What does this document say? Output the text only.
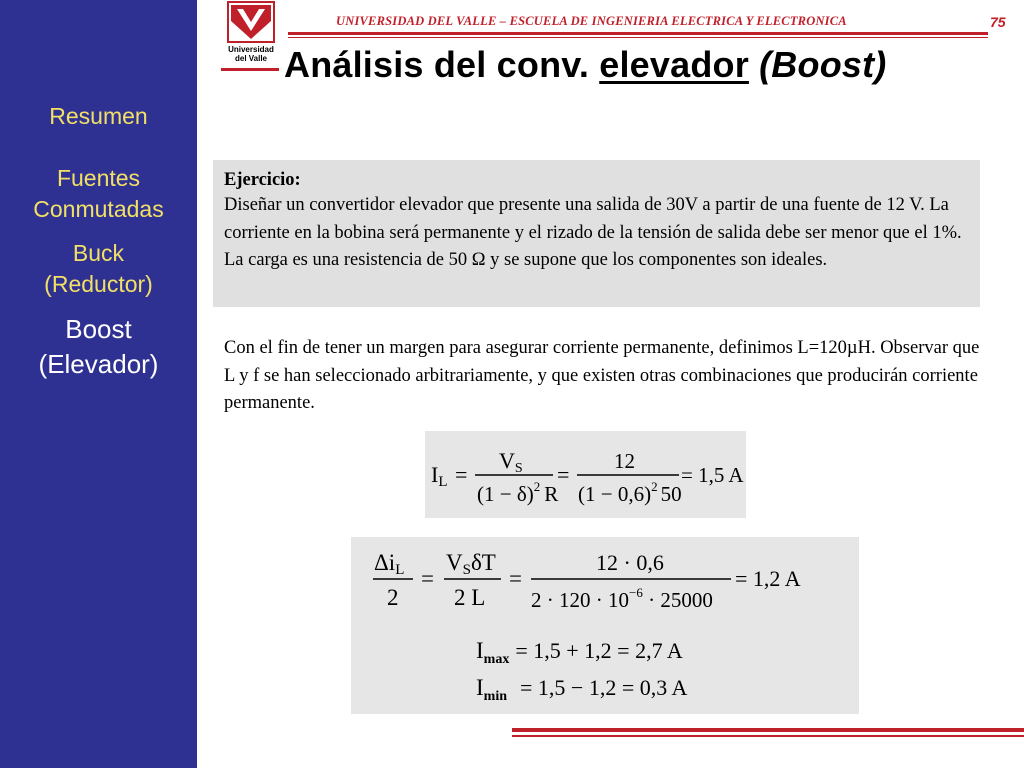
Resumen
Fuentes
Conmutadas
Buck
(Reductor)
Boost
(Elevador)
Universidad
del Valle
UNIVERSIDAD DEL VALLE – ESCUELA DE INGENIERIA ELECTRICA Y ELECTRONICA	75
Análisis del conv. elevador (Boost)
Ejercicio:
Diseñar un convertidor elevador que presente una salida de 30V a partir de una fuente de 12 V. La corriente en la bobina será permanente y el rizado de la tensión de salida debe ser menor que el 1%. La carga es una resistencia de 50 Ω y se supone que los componentes son ideales.
Con el fin de tener un margen para asegurar corriente permanente, definimos L=120µH. Observar que L y f se han seleccionado arbitrariamente, y que existen otras combinaciones que producirán corriente permanente.
IL =
VS
$(1 - \delta)^2$ R
=
12
$(1 - 0,6)^2$ 50
= 1,5 A
ΔiL
2
=
VSδT
2 L
=
12 · 0,6
$2 \cdot 120 \cdot 10^{-6} \cdot 25000$
= 1,2 A
$I_{max} = 1,5 + 1,2 = 2,7$ A
$I_{min} = 1,5 - 1,2 = 0,3$ A
